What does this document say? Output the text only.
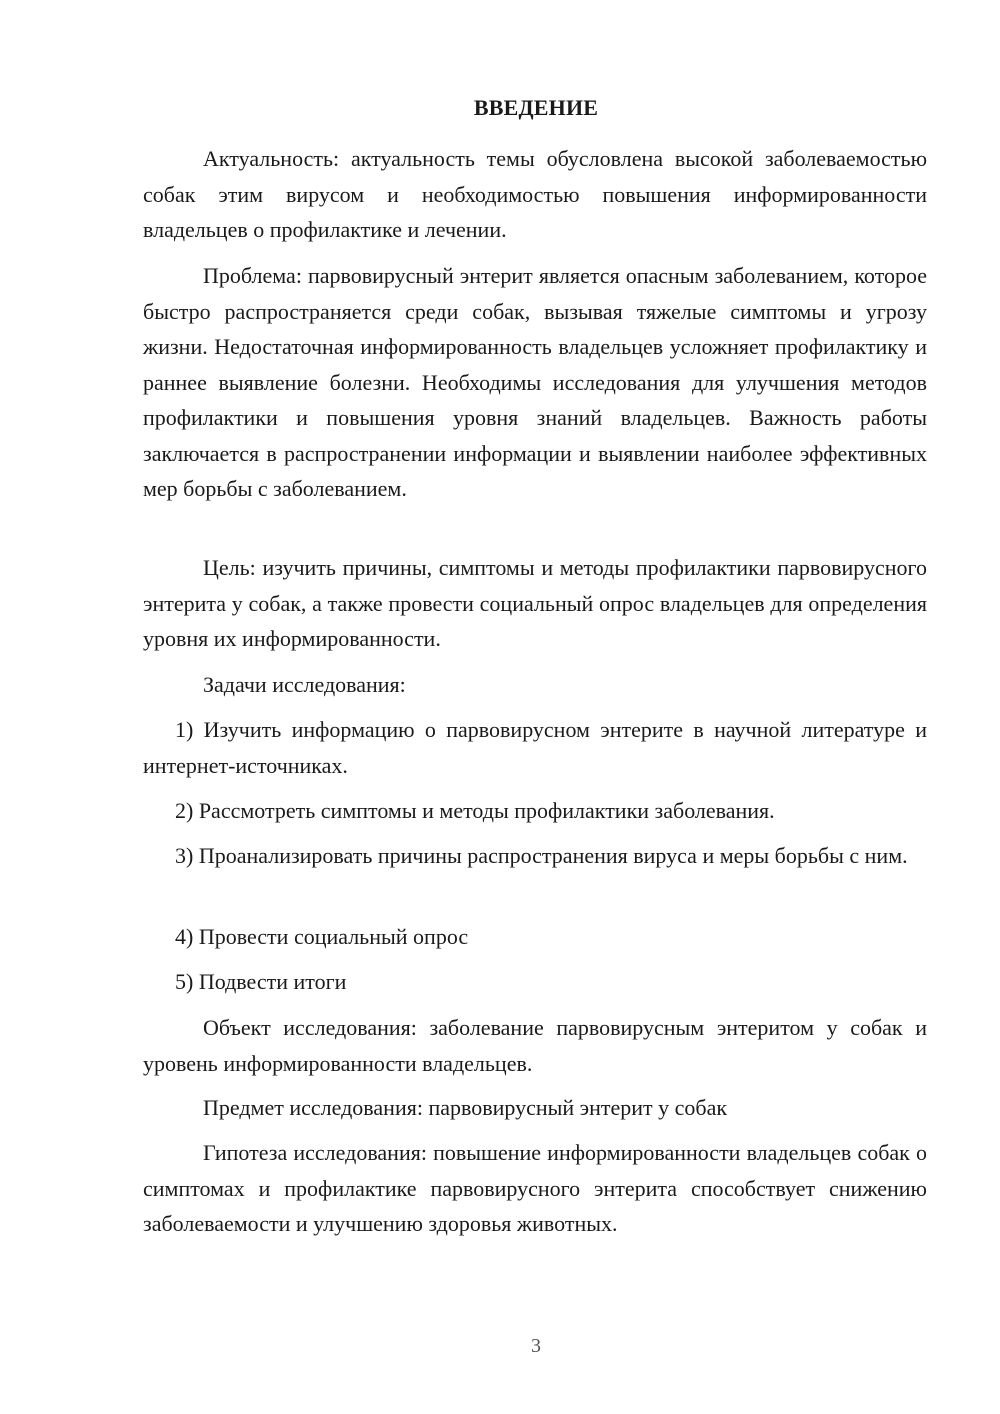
ВВЕДЕНИЕ

Актуальность: актуальность темы обусловлена высокой заболеваемостью собак этим вирусом и необходимостью повышения информированности владельцев о профилактике и лечении.

Проблема: парвовирусный энтерит является опасным заболеванием, которое быстро распространяется среди собак, вызывая тяжелые симптомы и угрозу жизни. Недостаточная информированность владельцев усложняет профилактику и раннее выявление болезни. Необходимы исследования для улучшения методов профилактики и повышения уровня знаний владельцев. Важность работы заключается в распространении информации и выявлении наиболее эффективных мер борьбы с заболеванием.

Цель: изучить причины, симптомы и методы профилактики парвовирусного энтерита у собак, а также провести социальный опрос владельцев для определения уровня их информированности.

Задачи исследования:

1) Изучить информацию о парвовирусном энтерите в научной литературе и интернет-источниках.

2) Рассмотреть симптомы и методы профилактики заболевания.

3) Проанализировать причины распространения вируса и меры борьбы с ним.

4) Провести социальный опрос

5) Подвести итоги

Объект исследования: заболевание парвовирусным энтеритом у собак и уровень информированности владельцев.

Предмет исследования: парвовирусный энтерит у собак

Гипотеза исследования: повышение информированности владельцев собак о симптомах и профилактике парвовирусного энтерита способствует снижению заболеваемости и улучшению здоровья животных.

3
